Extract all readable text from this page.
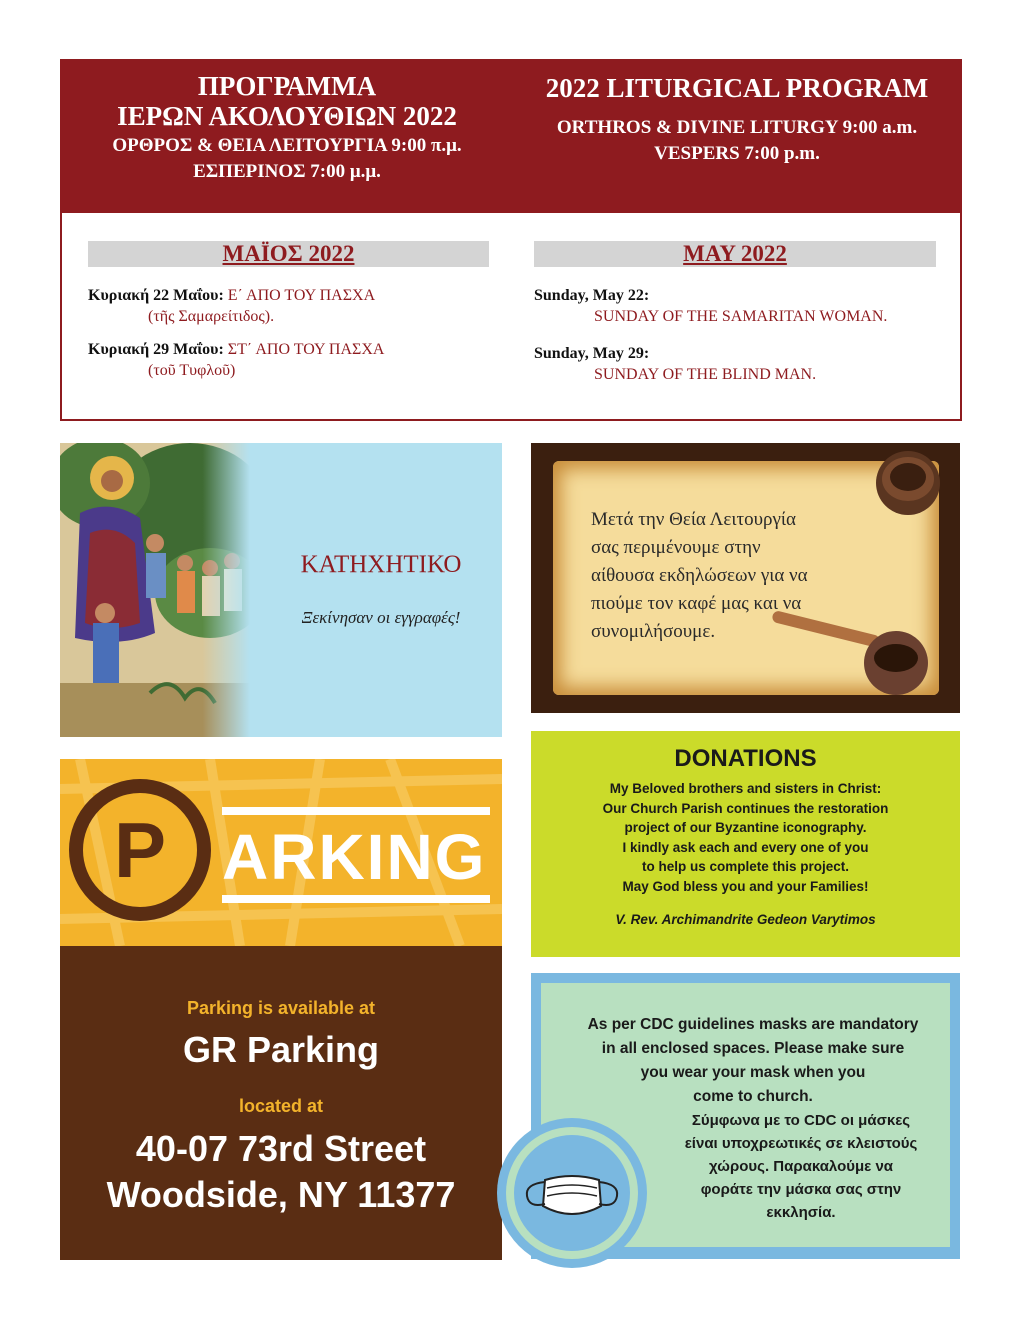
ΠΡΟΓΡΑΜΜΑ
ΙΕΡΩΝ ΑΚΟΛΟΥΘΙΩΝ 2022
ΟΡΘΡΟΣ & ΘΕΙΑ ΛΕΙΤΟΥΡΓΙΑ 9:00 π.μ.
ΕΣΠΕΡΙΝΟΣ 7:00 μ.μ.
2022 LITURGICAL PROGRAM
ORTHROS & DIVINE LITURGY 9:00 a.m.
VESPERS 7:00 p.m.
ΜΑΪΟΣ 2022	MAY 2022
Κυριακή 22 Μαΐου: Ε΄ ΑΠΟ ΤΟΥ ΠΑΣΧΑ
(τῆς Σαμαρείτιδος).
Κυριακή 29 Μαΐου: ΣΤ΄ ΑΠΟ ΤΟΥ ΠΑΣΧΑ
(τοῦ Τυφλοῦ)
Sunday, May 22:
SUNDAY OF THE SAMARITAN WOMAN.
Sunday, May 29:
SUNDAY OF THE BLIND MAN.
ΚΑΤΗΧΗΤΙΚΟ
Ξεκίνησαν οι εγγραφές!
Μετά την Θεία Λειτουργία
σας περιμένουμε στην
αίθουσα εκδηλώσεων για να
πιούμε τον καφέ μας και να
συνομιλήσουμε.
DONATIONS
My Beloved brothers and sisters in Christ:
Our Church Parish continues the restoration
project of our Byzantine iconography.
I kindly ask each and every one of you
to help us complete this project.
May God bless you and your Families!
V. Rev. Archimandrite Gedeon Varytimos
P ARKING
Parking is available at
GR Parking
located at
40-07 73rd Street
Woodside, NY 11377
As per CDC guidelines masks are mandatory
in all enclosed spaces. Please make sure
you wear your mask when you
come to church.
Σύμφωνα με το CDC οι μάσκες
είναι υποχρεωτικές σε κλειστούς
χώρους. Παρακαλούμε να
φοράτε την μάσκα σας στην
εκκλησία.
